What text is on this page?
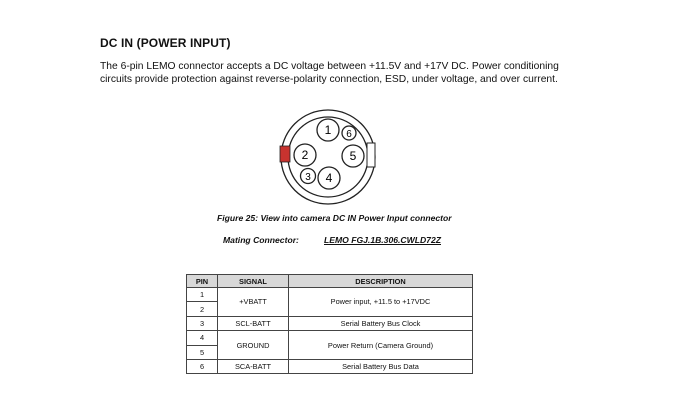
DC IN (POWER INPUT)
The 6-pin LEMO connector accepts a DC voltage between +11.5V and +17V DC. Power conditioning
circuits provide protection against reverse-polarity connection, ESD, under voltage, and over current.
1 6
2	5
3 4
Figure 25: View into camera DC IN Power Input connector
Mating Connector:	LEMO FGJ.1B.306.CWLD72Z
PIN	SIGNAL	DESCRIPTION
1	+VBATT	Power input, +11.5 to +17VDC
2		
3	SCL-BATT	Serial Battery Bus Clock
4	GROUND	Power Return (Camera Ground)
5		
6	SCA-BATT	Serial Battery Bus Data
